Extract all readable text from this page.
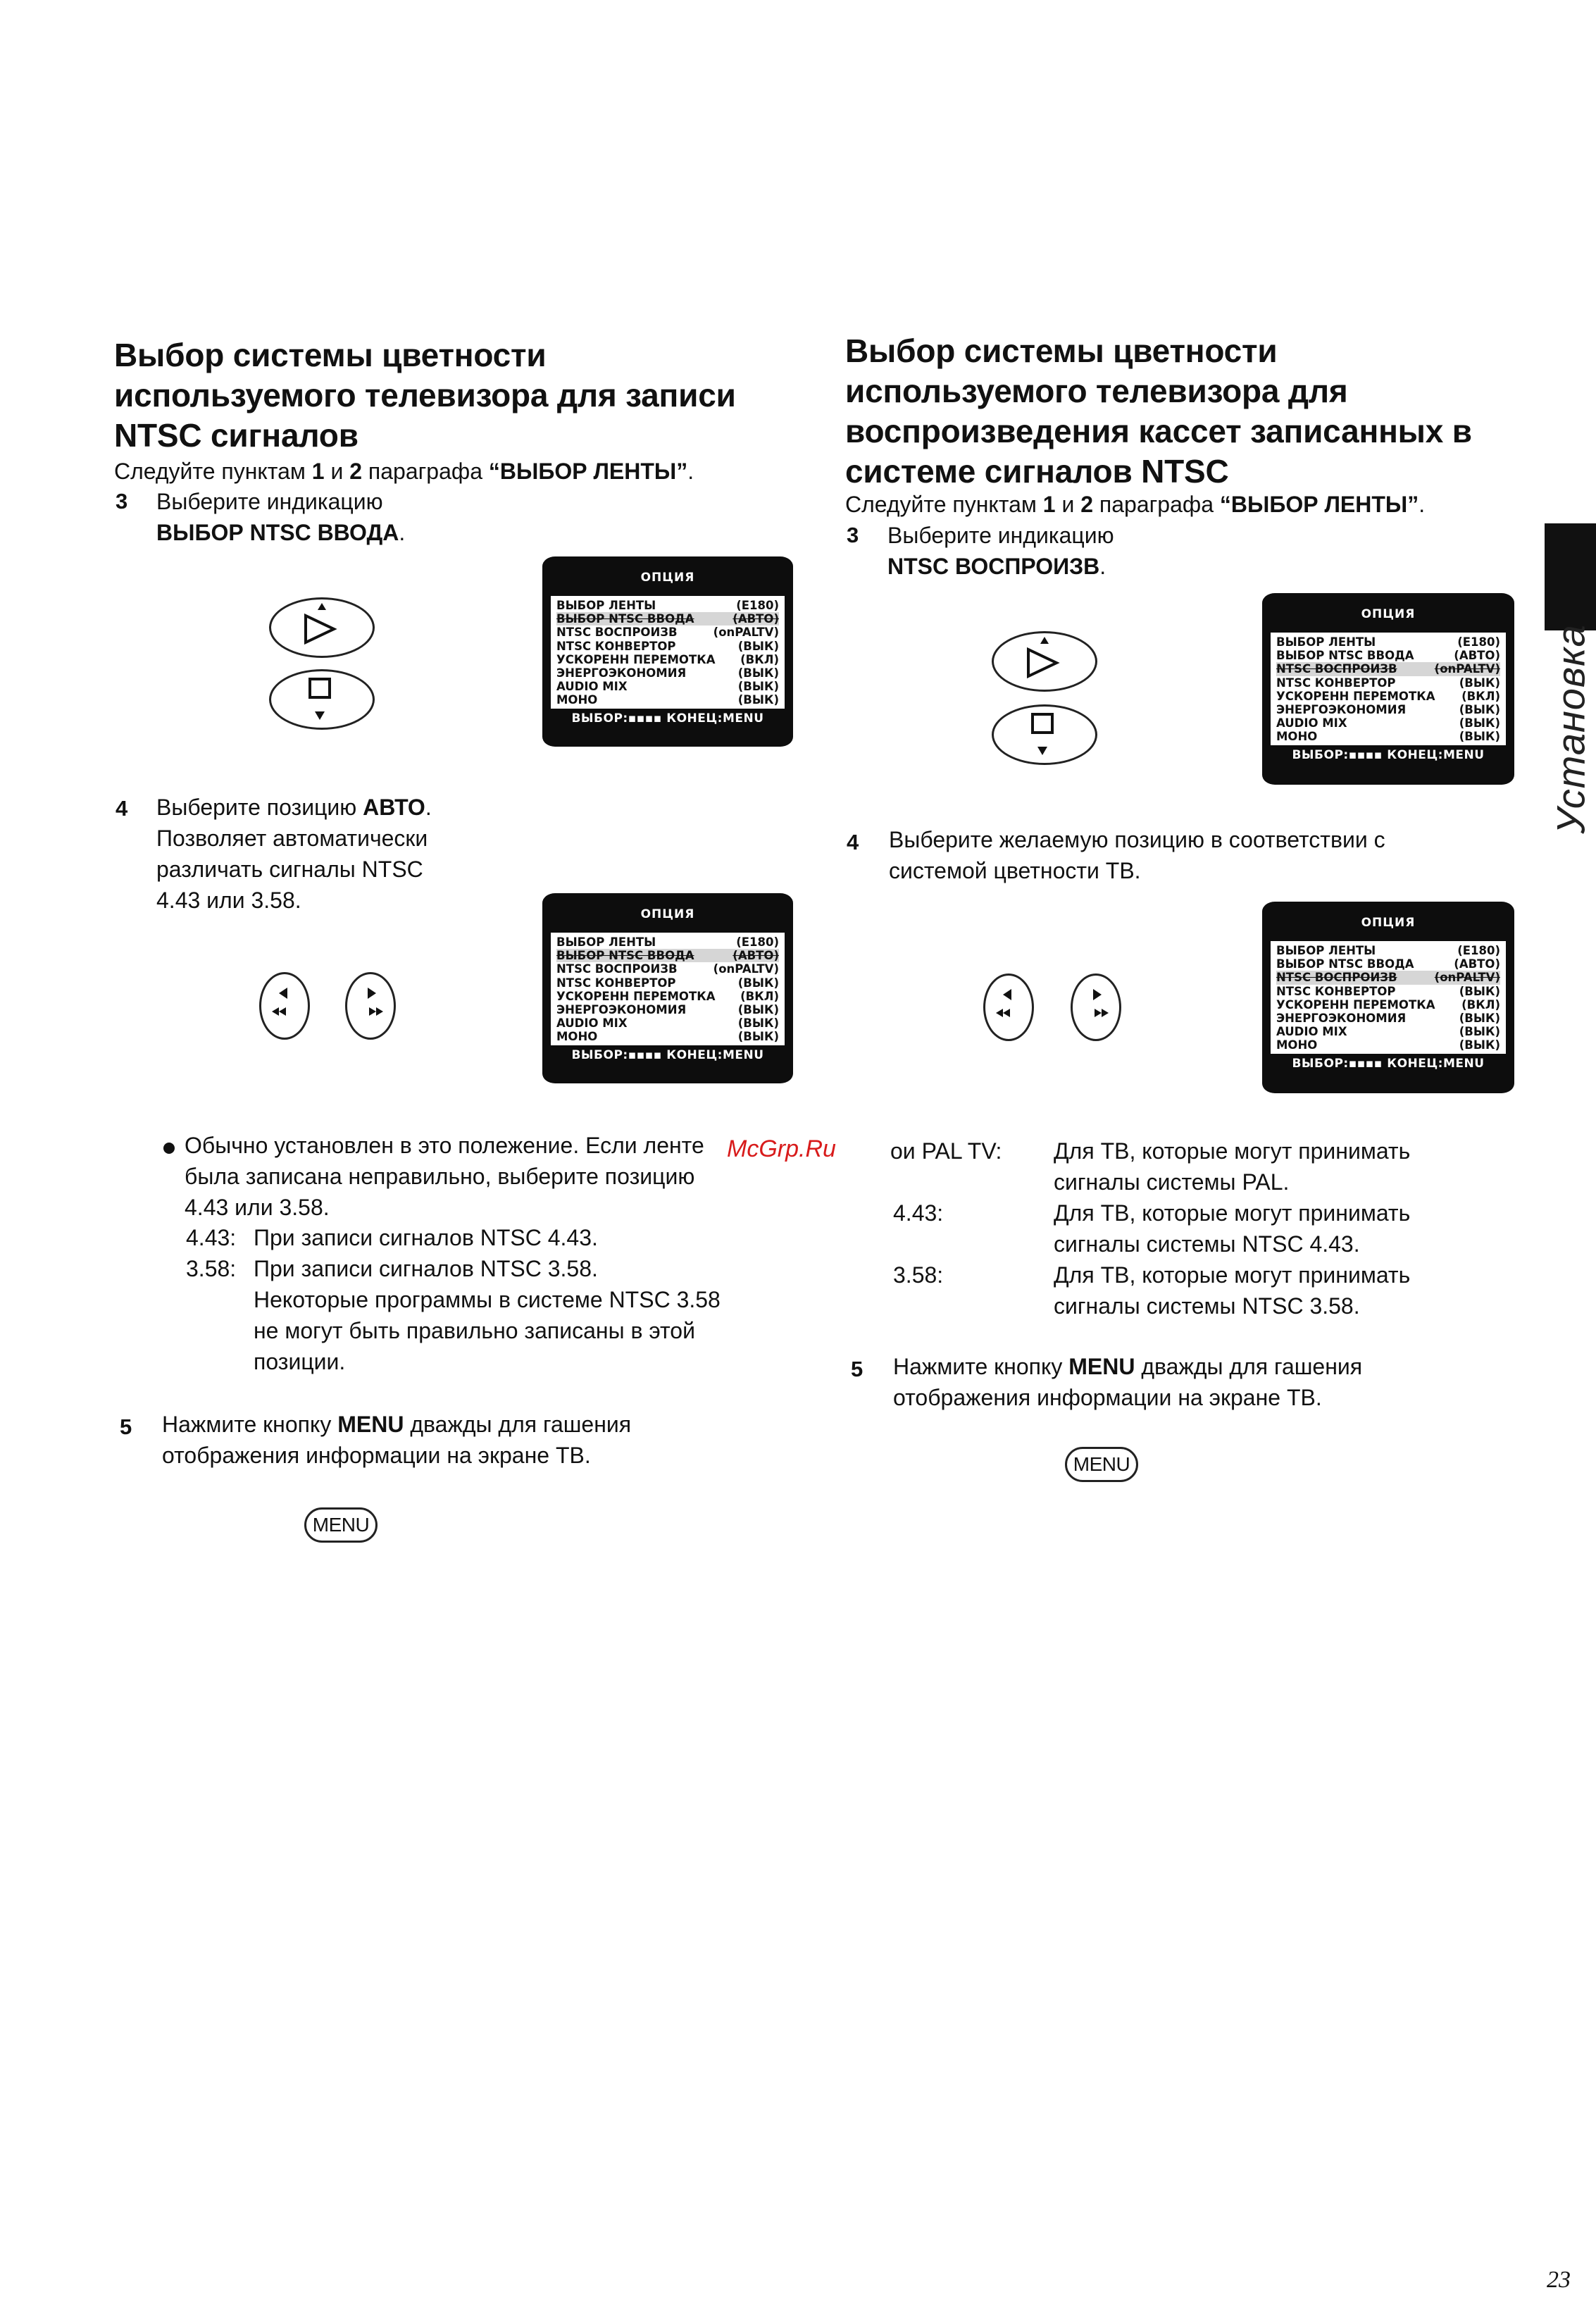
Выбор системы цветности
используемого телевизора для записи
NTSC сигналов
Следуйте пунктам 1 и 2 параграфа “ВЫБОР ЛЕНТЫ”.
3 Выберите индикацию
ВЫБОР NTSC ВВОДА.
ОПЦИЯ
ВЫБОР ЛЕНТЫ	(E180)
ВЫБОР NTSC ВВОДА	(АВТО)
NTSC ВОСПРОИЗВ	(onPALTV)
NTSC КОНВЕРТОР	(ВЫК)
УСКОРЕНН ПЕРЕМОТКА (ВКЛ)
ЭНЕРГОЭКОНОМИЯ	(ВЫК)
AUDIO MIX	(ВЫК)
МОНО	(ВЫК)
ВЫБОР:▪▪▪▪ КОНЕЦ:MENU
4 Выберите позицию АВТО.
Позволяет автоматически
различать сигналы NTSC
4.43 или 3.58.
ОПЦИЯ
ВЫБОР ЛЕНТЫ	(E180)
ВЫБОР NTSC ВВОДА	(АВТО)
NTSC ВОСПРОИЗВ	(onPALTV)
NTSC КОНВЕРТОР	(ВЫК)
УСКОРЕНН ПЕРЕМОТКА (ВКЛ)
ЭНЕРГОЭКОНОМИЯ	(ВЫК)
AUDIO MIX	(ВЫК)
МОНО	(ВЫК)
ВЫБОР:▪▪▪▪ КОНЕЦ:MENU
Обычно установлен в это полежение. Если ленте
была записана неправильно, выберите позицию
4.43 или 3.58.
4.43: При записи сигналов NTSC 4.43.
3.58: При записи сигналов NTSC 3.58.
Некоторые программы в системе NTSC 3.58
не могут быть правильно записаны в этой
позиции.
5 Нажмите кнопку MENU дважды для гашения
отображения информации на экране ТВ.
MENU
Выбор системы цветности
используемого телевизора для
воспроизведения кассет записанных в
системе сигналов NTSC
Следуйте пунктам 1 и 2 параграфа “ВЫБОР ЛЕНТЫ”.
3 Выберите индикацию
NTSC ВОСПРОИЗВ.
ОПЦИЯ
ВЫБОР ЛЕНТЫ	(E180)
ВЫБОР NTSC ВВОДА	(АВТО)
NTSC ВОСПРОИЗВ	(onPALTV)
NTSC КОНВЕРТОР	(ВЫК)
УСКОРЕНН ПЕРЕМОТКА (ВКЛ)
ЭНЕРГОЭКОНОМИЯ	(ВЫК)
AUDIO MIX	(ВЫК)
МОНО	(ВЫК)
ВЫБОР:▪▪▪▪ КОНЕЦ:MENU
4 Выберите желаемую позицию в соответствии с
системой цветности ТВ.
ОПЦИЯ
ВЫБОР ЛЕНТЫ	(E180)
ВЫБОР NTSC ВВОДА	(АВТО)
NTSC ВОСПРОИЗВ	(onPALTV)
NTSC КОНВЕРТОР	(ВЫК)
УСКОРЕНН ПЕРЕМОТКА (ВКЛ)
ЭНЕРГОЭКОНОМИЯ	(ВЫК)
AUDIO MIX	(ВЫК)
МОНО	(ВЫК)
ВЫБОР:▪▪▪▪ КОНЕЦ:MENU
ои PAL TV: Для ТВ, которые могут принимать
сигналы системы PAL.
4.43:	Для ТВ, которые могут принимать
сигналы системы NTSC 4.43.
3.58:	Для ТВ, которые могут принимать
сигналы системы NTSC 3.58.
5 Нажмите кнопку MENU дважды для гашения
отображения информации на экране ТВ.
MENU
McGrp.Ru
Установка
23
